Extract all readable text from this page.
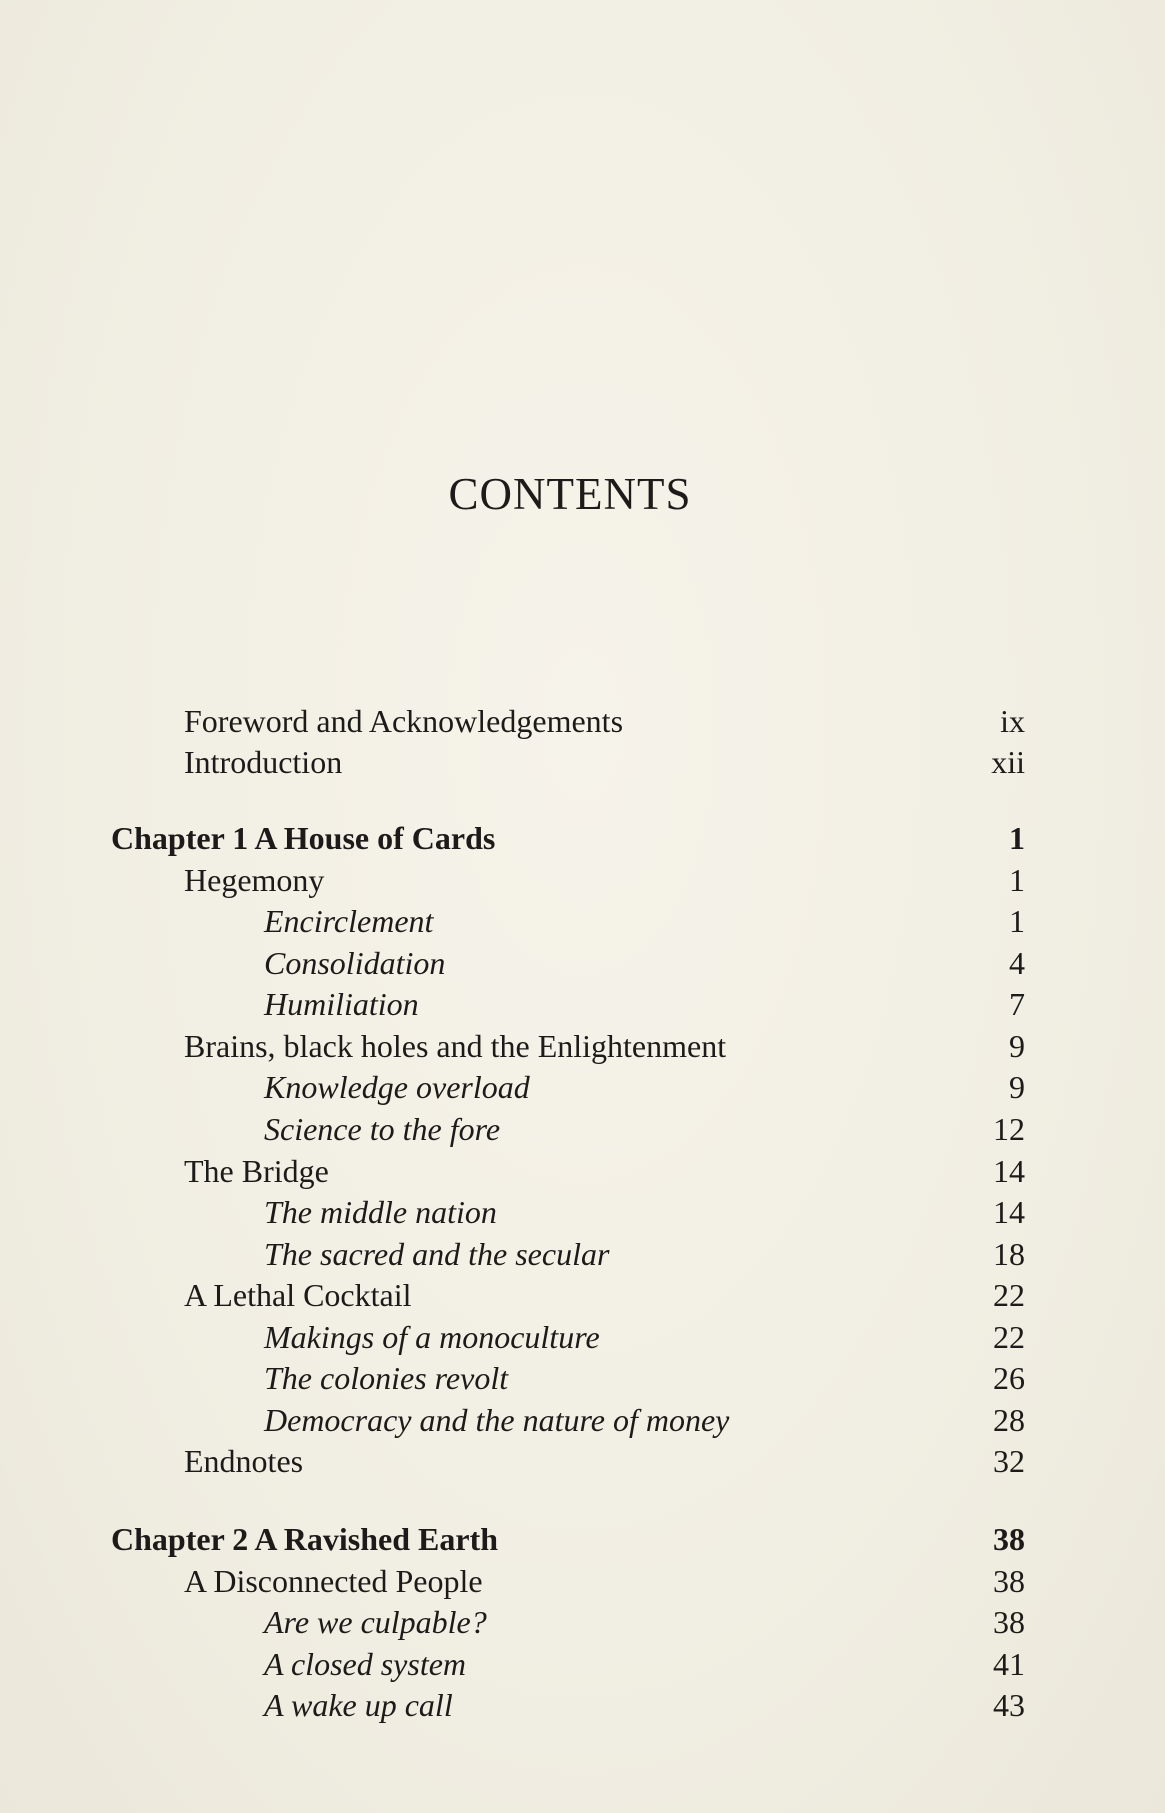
CONTENTS
Foreword and Acknowledgements	ix
Introduction	xii
Chapter 1 A House of Cards	1
Hegemony	1
Encirclement	1
Consolidation	4
Humiliation	7
Brains, black holes and the Enlightenment	9
Knowledge overload	9
Science to the fore	12
The Bridge	14
The middle nation	14
The sacred and the secular	18
A Lethal Cocktail	22
Makings of a monoculture	22
The colonies revolt	26
Democracy and the nature of money	28
Endnotes	32
Chapter 2 A Ravished Earth	38
A Disconnected People	38
Are we culpable?	38
A closed system	41
A wake up call	43
